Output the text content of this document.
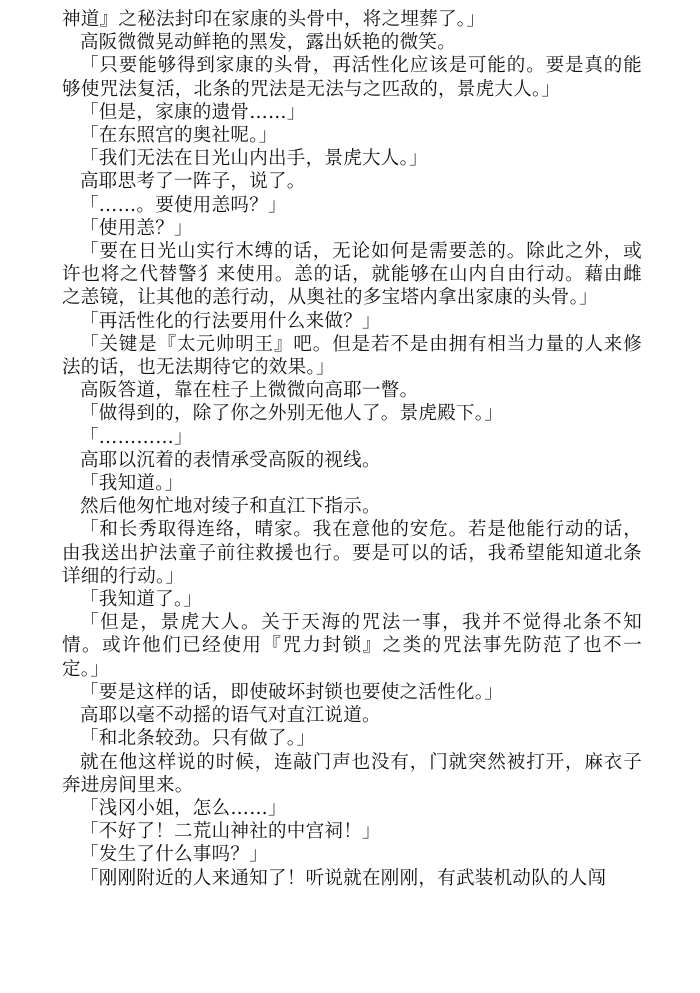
神道』之秘法封印在家康的头骨中，将之埋葬了。」

高阪微微晃动鲜艳的黑发，露出妖艳的微笑。

「只要能够得到家康的头骨，再活性化应该是可能的。要是真的能够使咒法复活，北条的咒法是无法与之匹敌的，景虎大人。」

「但是，家康的遗骨……」

「在东照宫的奥社呢。」

「我们无法在日光山内出手，景虎大人。」

高耶思考了一阵子，说了。

「……。要使用恙吗？」

「使用恙？」

「要在日光山实行木缚的话，无论如何是需要恙的。除此之外，或许也将之代替警犭来使用。恙的话，就能够在山内自由行动。藉由雌之恙镜，让其他的恙行动，从奥社的多宝塔内拿出家康的头骨。」

「再活性化的行法要用什么来做？」

「关键是『太元帅明王』吧。但是若不是由拥有相当力量的人来修法的话，也无法期待它的效果。」

高阪答道，靠在柱子上微微向高耶一瞥。

「做得到的，除了你之外别无他人了。景虎殿下。」

「…………」

高耶以沉着的表情承受高阪的视线。

「我知道。」

然后他匆忙地对绫子和直江下指示。

「和长秀取得连络，晴家。我在意他的安危。若是他能行动的话，由我送出护法童子前往救援也行。要是可以的话，我希望能知道北条详细的行动。」

「我知道了。」

「但是，景虎大人。关于天海的咒法一事，我并不觉得北条不知情。或许他们已经使用『咒力封锁』之类的咒法事先防范了也不一定。」

「要是这样的话，即使破坏封锁也要使之活性化。」

高耶以毫不动摇的语气对直江说道。

「和北条较劲。只有做了。」

就在他这样说的时候，连敲门声也没有，门就突然被打开，麻衣子奔进房间里来。

「浅冈小姐，怎么……」

「不好了！二荒山神社的中宫祠！」

「发生了什么事吗？」

「刚刚附近的人来通知了！听说就在刚刚，有武装机动队的人闯
